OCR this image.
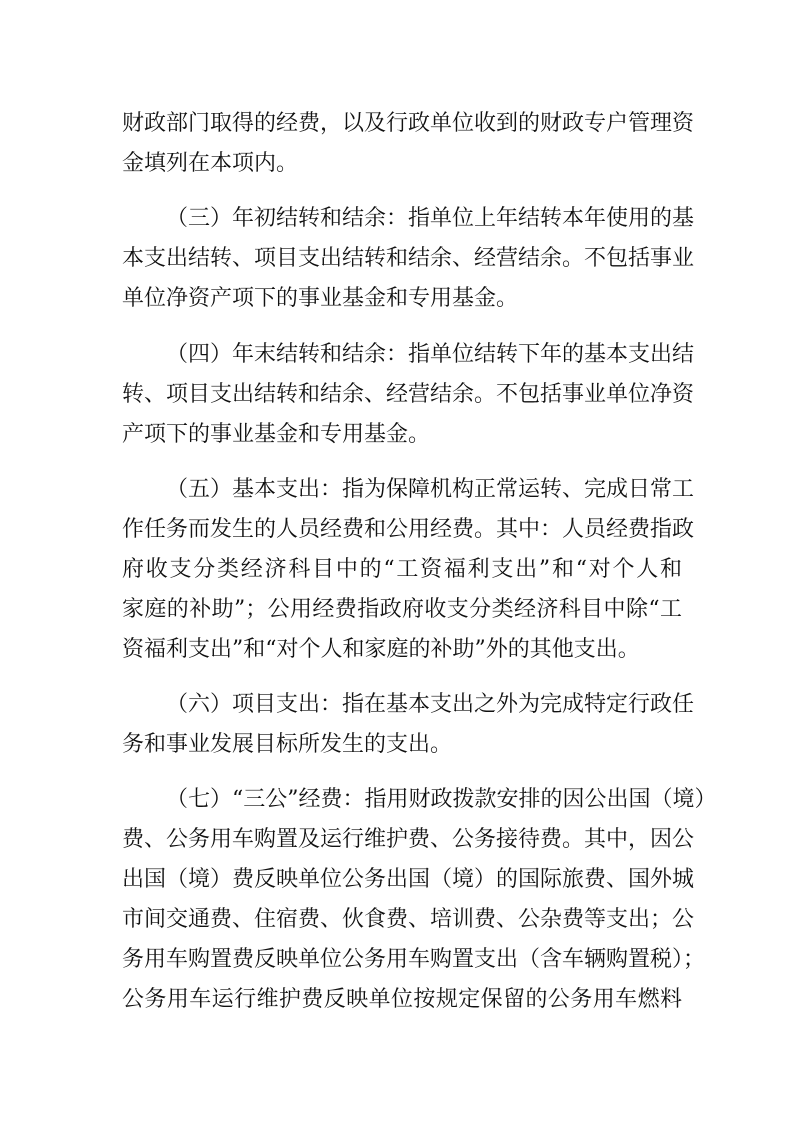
财政部门取得的经费，以及行政单位收到的财政专户管理资
金填列在本项内。
（三）年初结转和结余：指单位上年结转本年使用的基
本支出结转、项目支出结转和结余、经营结余。不包括事业
单位净资产项下的事业基金和专用基金。
（四）年末结转和结余：指单位结转下年的基本支出结
转、项目支出结转和结余、经营结余。不包括事业单位净资
产项下的事业基金和专用基金。
（五）基本支出：指为保障机构正常运转、完成日常工
作任务而发生的人员经费和公用经费。其中：人员经费指政
府收支分类经济科目中的“工资福利支出”和“对个人和
家庭的补助”；公用经费指政府收支分类经济科目中除“工
资福利支出”和“对个人和家庭的补助”外的其他支出。
（六）项目支出：指在基本支出之外为完成特定行政任
务和事业发展目标所发生的支出。
（七）“三公”经费：指用财政拨款安排的因公出国（境）
费、公务用车购置及运行维护费、公务接待费。其中，因公
出国（境）费反映单位公务出国（境）的国际旅费、国外城
市间交通费、住宿费、伙食费、培训费、公杂费等支出；公
务用车购置费反映单位公务用车购置支出（含车辆购置税）；
公务用车运行维护费反映单位按规定保留的公务用车燃料
